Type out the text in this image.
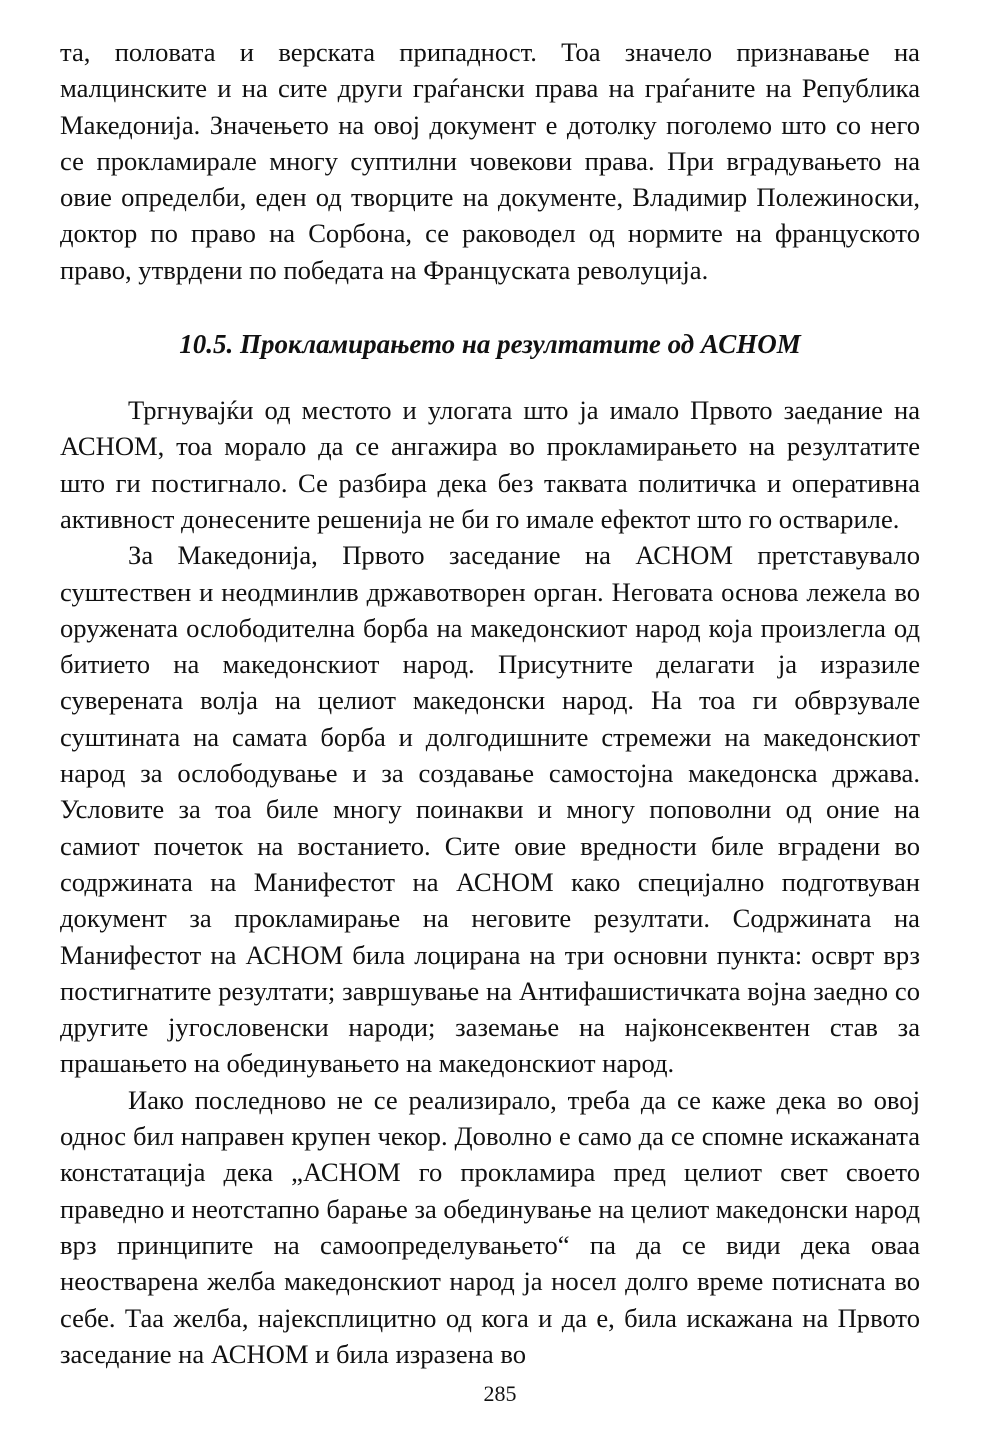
та, половата и верската припадност. Тоа значело признавање на малцинските и на сите други граѓански права на граѓаните на Република Македонија. Значењето на овој документ е дотолку поголемо што со него се прокламирале многу суптилни човекови права. При вградувањето на овие определби, еден од творците на документе, Владимир Полежиноски, доктор по право на Сорбона, се раководел од нормите на француското право, утврдени по победата на Француската револуција.

10.5. Прокламирањето на резултатите од АСНОМ

Тргнувајќи од местото и улогата што ја имало Првото заедание на АСНОМ, тоа морало да се ангажира во прокламирањето на резултатите што ги постигнало. Се разбира дека без таквата политичка и оперативна активност донесените решенија не би го имале ефектот што го оствариле.

За Македонија, Првото заседание на АСНОМ претставувало суштествен и неодминлив државотворен орган. Неговата основа лежела во оружената ослободителна борба на македонскиот народ која произлегла од битието на македонскиот народ. Присутните делагати ја изразиле суверената волја на целиот македонски народ. На тоа ги обврзувале суштината на самата борба и долгодишните стремежи на македонскиот народ за ослободување и за создавање самостојна македонска држава. Условите за тоа биле многу поинакви и многу поповолни од оние на самиот почеток на востанието. Сите овие вредности биле вградени во содржината на Манифестот на АСНОМ како специјално подготвуван документ за прокламирање на неговите резултати. Содржината на Манифестот на АСНОМ била лоцирана на три основни пункта: осврт врз постигнатите резултати; завршување на Антифашистичката војна заедно со другите југословенски народи; заземање на најконсеквентен став за прашањето на обединувањето на македонскиот народ.

Иако последново не се реализирало, треба да се каже дека во овој однос бил направен крупен чекор. Доволно е само да се спомне искажаната констатација дека „АСНОМ го прокламира пред целиот свет своето праведно и неотстапно барање за обединување на целиот македонски народ врз принципите на самоопределувањето“ па да се види дека оваа неостварена желба македонскиот народ ја носел долго време потисната во себе. Таа желба, најексплицитно од кога и да е, била искажана на Првото заседание на АСНОМ и била изразена во

285
